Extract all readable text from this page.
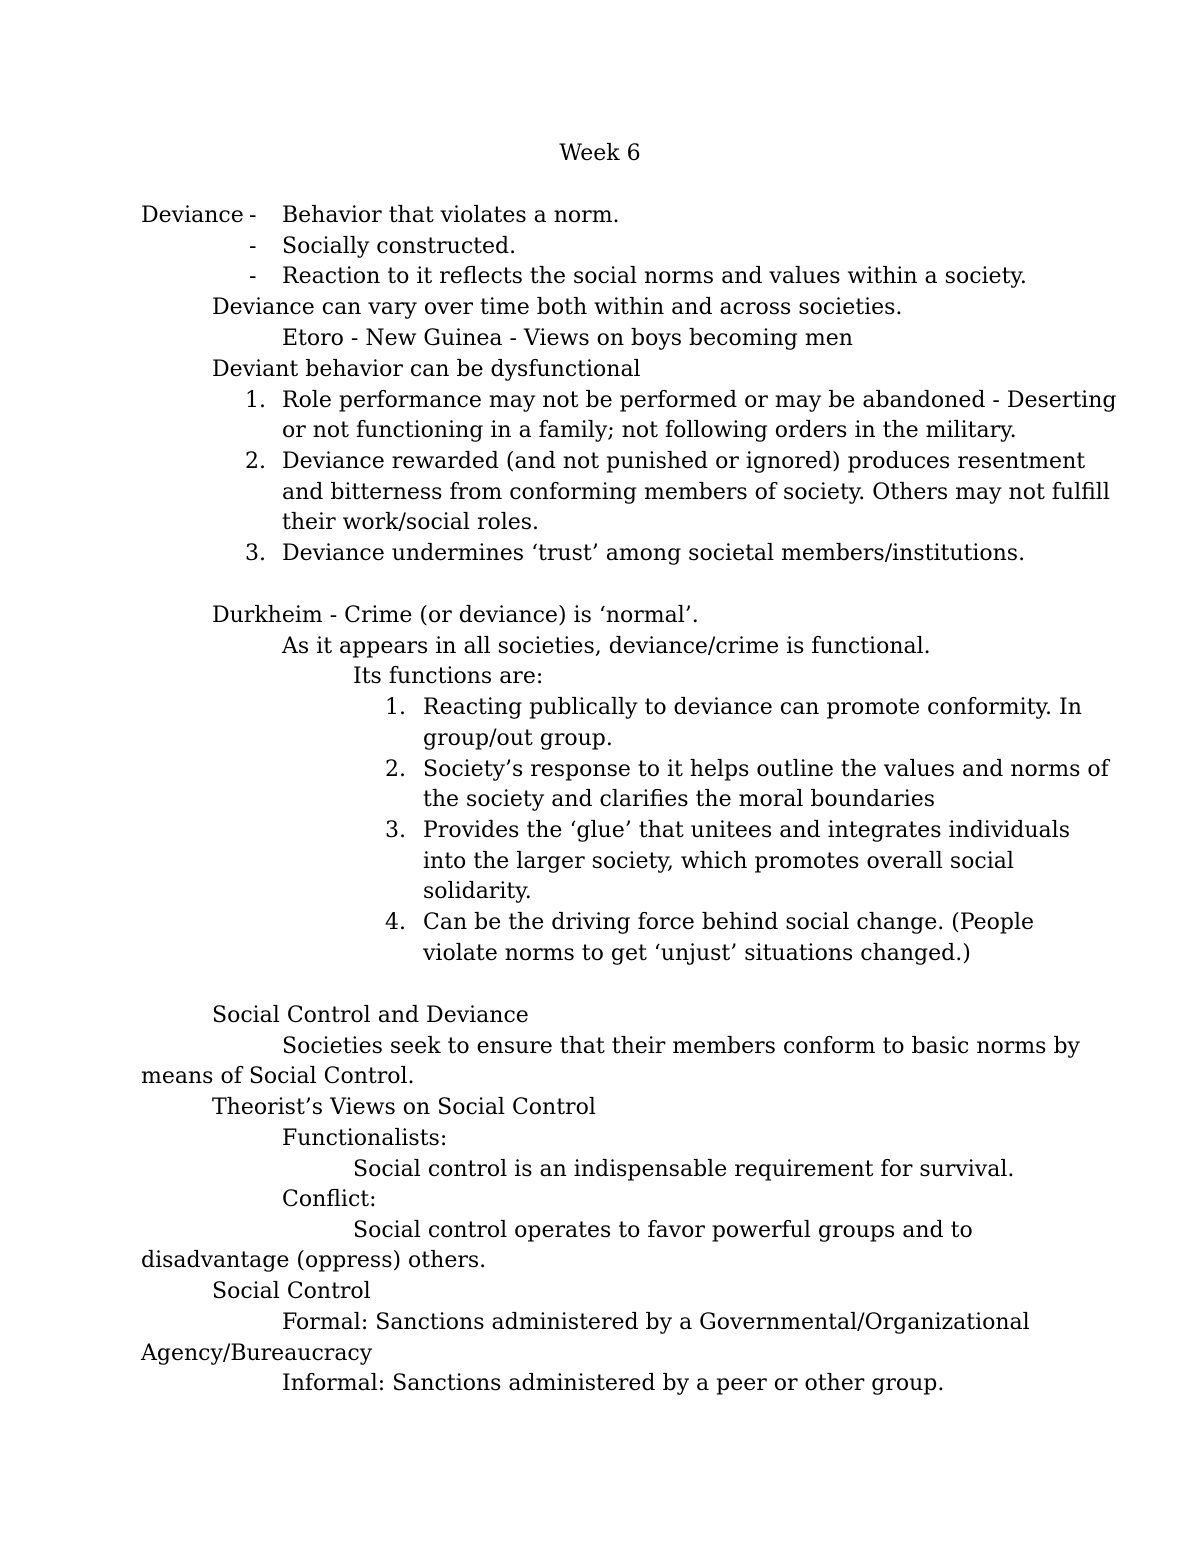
Week 6
Deviance - Behavior that violates a norm.
- Socially constructed.
- Reaction to it reflects the social norms and values within a society.
Deviance can vary over time both within and across societies.
Etoro - New Guinea - Views on boys becoming men
Deviant behavior can be dysfunctional
1. Role performance may not be performed or may be abandoned - Deserting
or not functioning in a family; not following orders in the military.
2. Deviance rewarded (and not punished or ignored) produces resentment
and bitterness from conforming members of society. Others may not fulfill
their work/social roles.
3. Deviance undermines ‘trust’ among societal members/institutions.
Durkheim - Crime (or deviance) is ‘normal’.
As it appears in all societies, deviance/crime is functional.
Its functions are:
1. Reacting publically to deviance can promote conformity. In
group/out group.
2. Society’s response to it helps outline the values and norms of
the society and clarifies the moral boundaries
3. Provides the ‘glue’ that unitees and integrates individuals
into the larger society, which promotes overall social
solidarity.
4. Can be the driving force behind social change. (People
violate norms to get ‘unjust’ situations changed.)
Social Control and Deviance
Societies seek to ensure that their members conform to basic norms by
means of Social Control.
Theorist’s Views on Social Control
Functionalists:
Social control is an indispensable requirement for survival.
Conflict:
Social control operates to favor powerful groups and to
disadvantage (oppress) others.
Social Control
Formal: Sanctions administered by a Governmental/Organizational
Agency/Bureaucracy
Informal: Sanctions administered by a peer or other group.
